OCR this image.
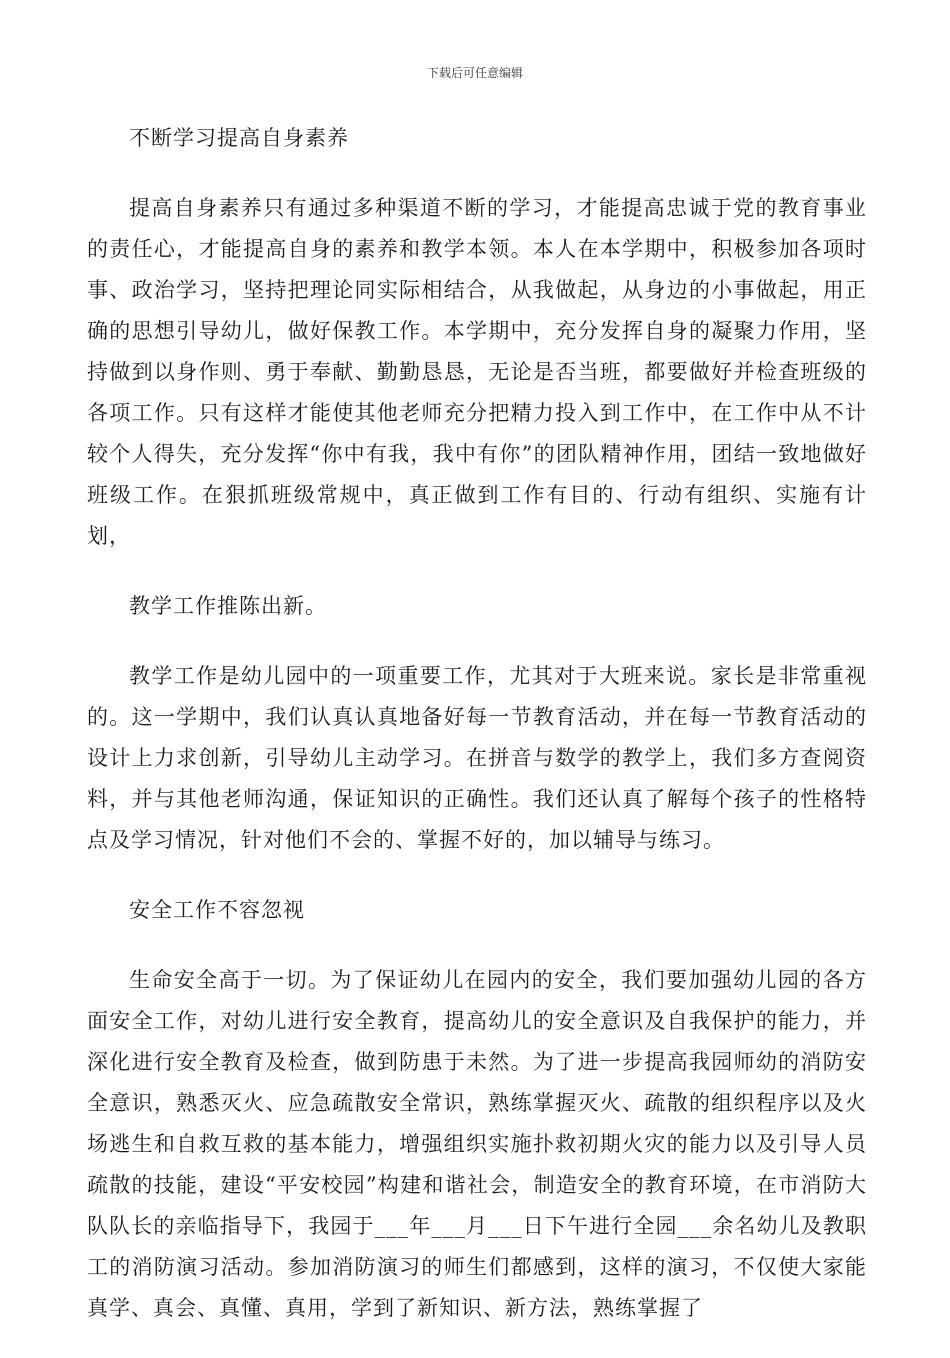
下载后可任意编辑

不断学习提高自身素养

提高自身素养只有通过多种渠道不断的学习，才能提高忠诚于党的教育事业的责任心，才能提高自身的素养和教学本领。本人在本学期中，积极参加各项时事、政治学习，坚持把理论同实际相结合，从我做起，从身边的小事做起，用正确的思想引导幼儿，做好保教工作。本学期中，充分发挥自身的凝聚力作用，坚持做到以身作则、勇于奉献、勤勤恳恳，无论是否当班，都要做好并检查班级的各项工作。只有这样才能使其他老师充分把精力投入到工作中，在工作中从不计较个人得失，充分发挥“你中有我，我中有你”的团队精神作用，团结一致地做好班级工作。在狠抓班级常规中，真正做到工作有目的、行动有组织、实施有计划，

教学工作推陈出新。

教学工作是幼儿园中的一项重要工作，尤其对于大班来说。家长是非常重视的。这一学期中，我们认真认真地备好每一节教育活动，并在每一节教育活动的设计上力求创新，引导幼儿主动学习。在拼音与数学的教学上，我们多方查阅资料，并与其他老师沟通，保证知识的正确性。我们还认真了解每个孩子的性格特点及学习情况，针对他们不会的、掌握不好的，加以辅导与练习。

安全工作不容忽视

生命安全高于一切。为了保证幼儿在园内的安全，我们要加强幼儿园的各方面安全工作，对幼儿进行安全教育，提高幼儿的安全意识及自我保护的能力，并深化进行安全教育及检查，做到防患于未然。为了进一步提高我园师幼的消防安全意识，熟悉灭火、应急疏散安全常识，熟练掌握灭火、疏散的组织程序以及火场逃生和自救互救的基本能力，增强组织实施扑救初期火灾的能力以及引导人员疏散的技能，建设“平安校园”构建和谐社会，制造安全的教育环境，在市消防大队队长的亲临指导下，我园于___年___月___日下午进行全园___余名幼儿及教职工的消防演习活动。参加消防演习的师生们都感到，这样的演习，不仅使大家能真学、真会、真懂、真用，学到了新知识、新方法，熟练掌握了
